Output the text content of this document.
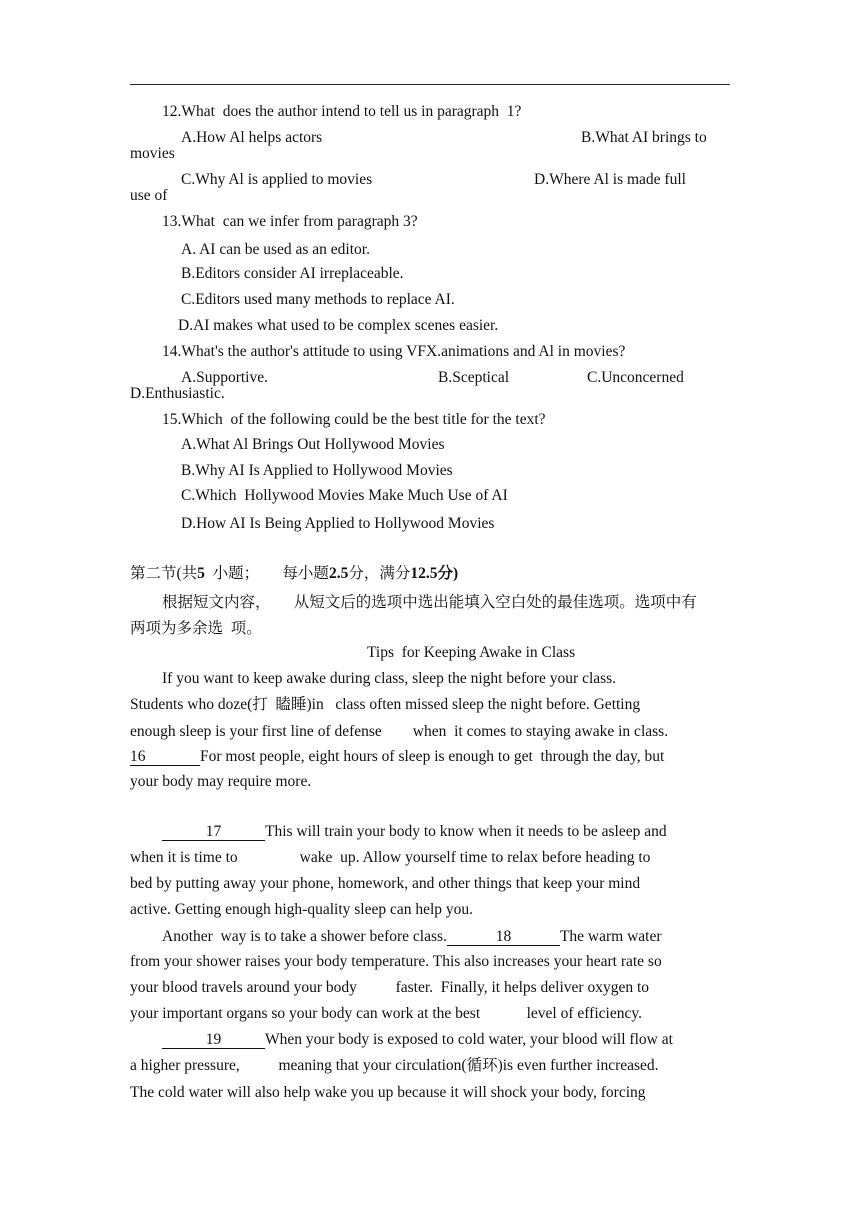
12.What  does the author intend to tell us in paragraph  1?
A.How Al helps actors	B.What AI brings to
movies
C.Why Al is applied to movies	D.Where Al is made full
use of
13.What  can we infer from paragraph 3?
A. AI can be used as an editor.
B.Editors consider AI irreplaceable.
C.Editors used many methods to replace AI.
D.AI makes what used to be complex scenes easier.
14.What's the author's attitude to using VFX.animations and Al in movies?
A.Supportive.	B.Sceptical	C.Unconcerned
D.Enthusiastic.
15.Which  of the following could be the best title for the text?
A.What Al Brings Out Hollywood Movies
B.Why AI Is Applied to Hollywood Movies
C.Which  Hollywood Movies Make Much Use of AI
D.How AI Is Being Applied to Hollywood Movies
第二节(共5  小题；      每小题2.5分，满分12.5分)
根据短文内容，      从短文后的选项中选出能填入空白处的最佳选项。选项中有
两项为多余选  项。
Tips  for Keeping Awake in Class
If you want to keep awake during class, sleep the night before your class.
Students who doze(打  瞌睡)in   class often missed sleep the night before. Getting
enough sleep is your first line of defense        when  it comes to staying awake in class.
16	For most people, eight hours of sleep is enough to get  through the day, but
your body may require more.
17	This will train your body to know when it needs to be asleep and
when it is time to                wake  up. Allow yourself time to relax before heading to
bed by putting away your phone, homework, and other things that keep your mind
active. Getting enough high-quality sleep can help you.
Another  way is to take a shower before class.	18	The warm water
from your shower raises your body temperature. This also increases your heart rate so
your blood travels around your body          faster.  Finally, it helps deliver oxygen to
your important organs so your body can work at the best            level of efficiency.
19	When your body is exposed to cold water, your blood will flow at
a higher pressure,          meaning that your circulation(循环)is even further increased.
The cold water will also help wake you up because it will shock your body, forcing
